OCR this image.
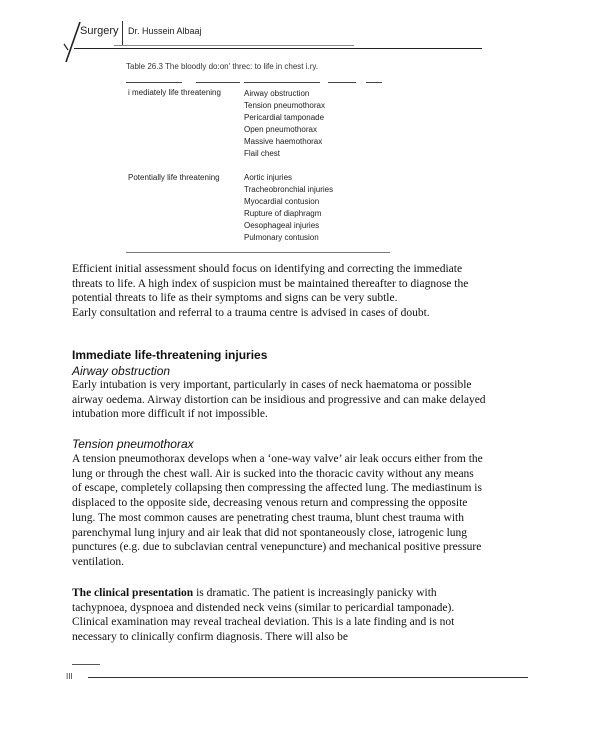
Surgery Dr. Hussein Albaaj
Table 26.3 The bloodly do:on' threc: to life in chest i.ry.
i mediately life threatening	Airway obstruction
Tension pneumothorax
Pericardial tamponade
Open pneumothorax
Massive haemothorax
Flail chest
Potentially life threatening	Aortic injuries
Tracheobronchial injuries
Myocardial contusion
Rupture of diaphragm
Oesophageal injuries
Pulmonary contusion

Efficient initial assessment should focus on identifying and correcting the immediate threats to life. A high index of suspicion must be maintained thereafter to diagnose the potential threats to life as their symptoms and signs can be very subtle.

Early consultation and referral to a trauma centre is advised in cases of doubt.

Immediate life-threatening injuries
Airway obstruction

Early intubation is very important, particularly in cases of neck haematoma or possible airway oedema. Airway distortion can be insidious and progressive and can make delayed intubation more difficult if not impossible.

Tension pneumothorax

A tension pneumothorax develops when a ‘one-way valve’ air leak occurs either from the lung or through the chest wall. Air is sucked into the thoracic cavity without any means of escape, completely collapsing then compressing the affected lung. The mediastinum is displaced to the opposite side, decreasing venous return and compressing the opposite lung. The most common causes are penetrating chest trauma, blunt chest trauma with parenchymal lung injury and air leak that did not spontaneously close, iatrogenic lung punctures (e.g. due to subclavian central venepuncture) and mechanical positive pressure ventilation.

The clinical presentation is dramatic. The patient is increasingly panicky with tachypnoea, dyspnoea and distended neck veins (similar to pericardial tamponade). Clinical examination may reveal tracheal deviation. This is a late finding and is not necessary to clinically confirm diagnosis. There will also be

III
